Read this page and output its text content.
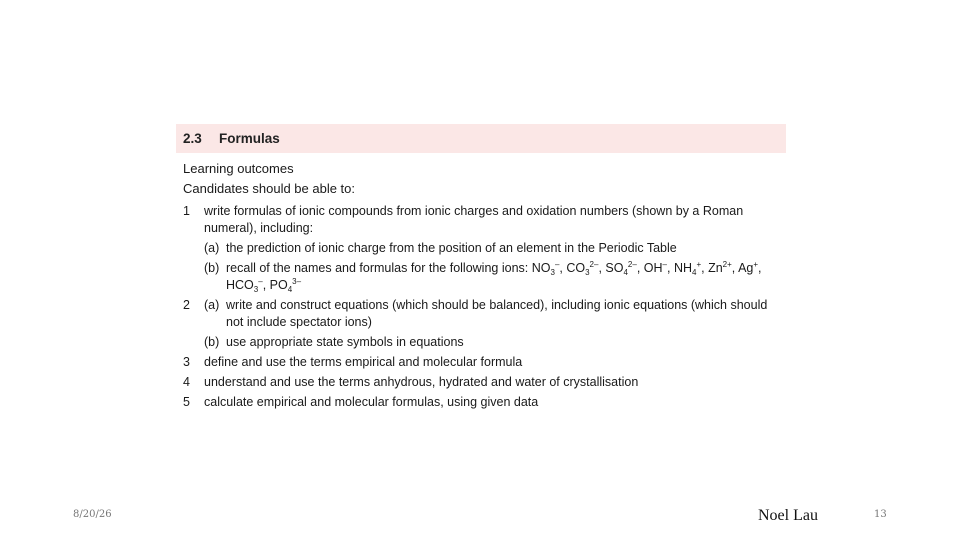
2.3	Formulas
Learning outcomes
Candidates should be able to:
1 write formulas of ionic compounds from ionic charges and oxidation numbers (shown by a Roman
numeral), including:
(a) the prediction of ionic charge from the position of an element in the Periodic Table
(b) recall of the names and formulas for the following ions: $NO_3^-$, $CO_3^{2-}$, $SO_4^{2-}$, OH–, $NH_4^+$, $Zn^{2+}$, Ag+,
$HCO_3^-$, $PO_4^{3-}$
2 (a) write and construct equations (which should be balanced), including ionic equations (which should
not include spectator ions)
(b) use appropriate state symbols in equations
3 define and use the terms empirical and molecular formula
4 understand and use the terms anhydrous, hydrated and water of crystallisation
5 calculate empirical and molecular formulas, using given data
8/20/26	Noel Lau	13
